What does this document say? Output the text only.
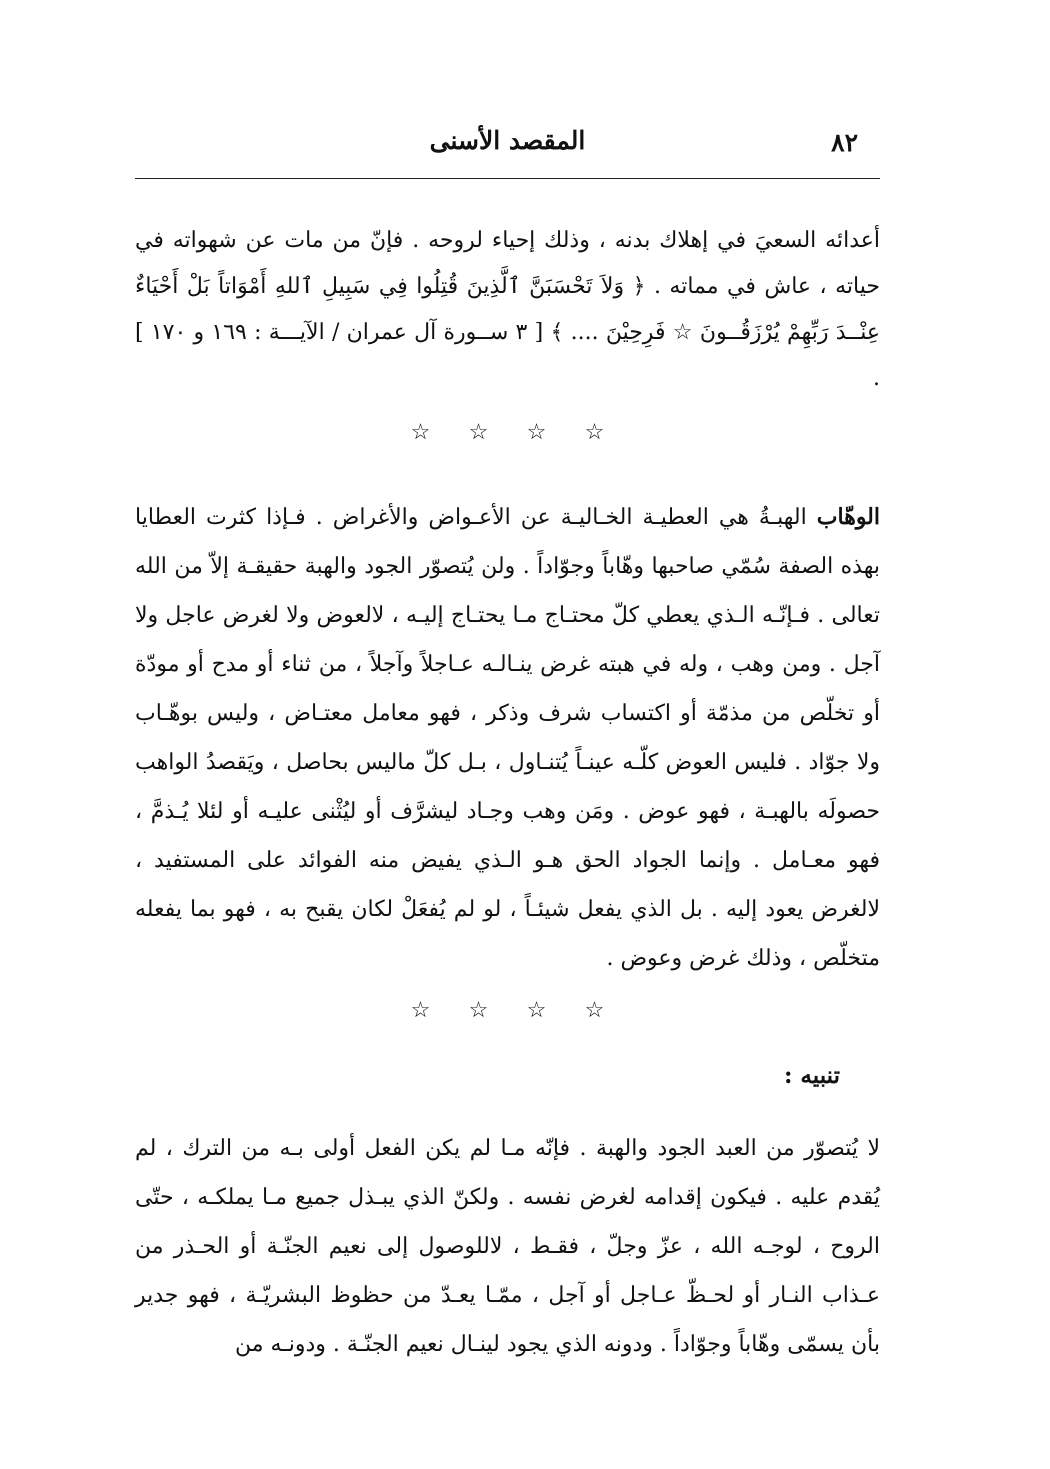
المقصد الأسنى	٨٢

أعدائه السعيَ في إهلاك بدنه ، وذلك إحياء لروحه . فإنّ من مات عن شهواته في حياته ، عاش في مماته . ﴿ وَلاَ تَحْسَبَنَّ ٱلَّذِينَ قُتِلُوا فِي سَبِيلِ ٱللهِ أَمْوَاتاً بَلْ أَحْيَاءٌ عِنْــدَ رَبِّهِمْ يُرْزَقُــونَ ☆ فَرِحِيْنَ .... ﴾ [ ٣ ســورة آل عمران / الآيـــة : ١٦٩ و ١٧٠ ] .

☆☆☆☆

الوهّاب الهبـةُ هي العطيـة الخـاليـة عن الأعـواض والأغراض . فـإذا كثرت العطايا بهذه الصفة سُمّي صاحبها وهّاباً وجوّاداً . ولن يُتصوّر الجود والهبة حقيقـة إلاّ من الله تعالى . فـإنّـه الـذي يعطي كلّ محتـاج مـا يحتـاج إليـه ، لالعوض ولا لغرض عاجل ولا آجل . ومن وهب ، وله في هبته غرض ينـالـه عـاجلاً وآجلاً ، من ثناء أو مدح أو مودّة أو تخلّص من مذمّة أو اكتساب شرف وذكر ، فهو معامل معتـاض ، وليس بوهّـاب ولا جوّاد . فليس العوض كلّـه عينـاً يُتنـاول ، بـل كلّ ماليس بحاصل ، ويَقصدُ الواهب حصولَه بالهبـة ، فهو عوض . ومَن وهب وجـاد ليشرَّف أو ليُثْنى عليـه أو لئلا يُـذمَّ ، فهو معـامل . وإنما الجواد الحق هـو الـذي يفيض منه الفوائد على المستفيد ، لالغرض يعود إليه . بل الذي يفعل شيئـاً ، لو لم يُفعَلْ لكان يقبح به ، فهو بما يفعله متخلّص ، وذلك غرض وعوض .

☆☆☆☆
تنبيه :

لا يُتصوّر من العبد الجود والهبة . فإنّه مـا لم يكن الفعل أولى بـه من الترك ، لم يُقدم عليه . فيكون إقدامه لغرض نفسه . ولكنّ الذي يبـذل جميع مـا يملكـه ، حتّى الروح ، لوجـه الله ، عزّ وجلّ ، فقـط ، لاللوصول إلى نعيم الجنّـة أو الحـذر من عـذاب النـار أو لحـظّ عـاجل أو آجل ، ممّـا يعـدّ من حظوظ البشريّـة ، فهو جدير بأن يسمّى وهّاباً وجوّاداً . ودونه الذي يجود لينـال نعيم الجنّـة . ودونـه من
